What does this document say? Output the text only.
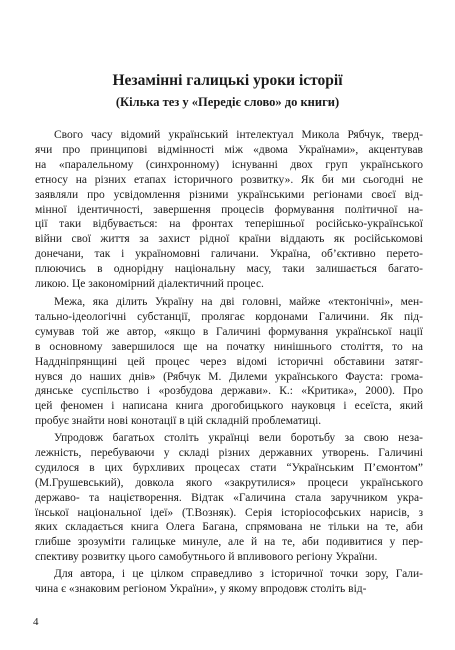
Незамінні галицькі уроки історії
(Кілька тез у «Передіє слово» до книги)

Свого часу відомий український інтелектуал Микола Рябчук, тверд-
ячи про принципові відмінності між «двома Українами», акцентував
на «паралельному (синхронному) існуванні двох груп українського
етносу на різних етапах історичного розвитку». Як би ми сьогодні не
заявляли про усвідомлення різними українськими регіонами своєї від-
мінної ідентичності, завершення процесів формування політичної на-
ції таки відбувається: на фронтах теперішньої російсько-української
війни свої життя за захист рідної країни віддають як російськомові
донечани, так і україномовні галичани. Україна, об’єктивно перето-
плюючись в однорідну національну масу, таки залишається багато-
ликою. Це закономірний діалектичний процес.

Межа, яка ділить Україну на дві головні, майже «тектонічні», мен-
тально-ідеологічні субстанції, пролягає кордонами Галичини. Як під-
сумував той же автор, «якщо в Галичині формування української нації
в основному завершилося ще на початку нинішнього століття, то на
Наддніпрянщині цей процес через відомі історичні обставини затяг-
нувся до наших днів» (Рябчук М. Дилеми українського Фауста: грома-
дянське суспільство і «розбудова держави». К.: «Критика», 2000). Про
цей феномен і написана книга дрогобицького науковця і есеїста, який
пробує знайти нові конотації в цій складній проблематиці.

Упродовж багатьох століть українці вели боротьбу за свою неза-
лежність, перебуваючи у складі різних державних утворень. Галичині
судилося в цих бурхливих процесах стати “Українським П’ємонтом”
(М.Грушевський), довкола якого «закрутилися» процеси українського
державо- та націєтворення. Відтак «Галичина стала заручником укра-
їнської національної ідеї» (Т.Возняк). Серія історіософських нарисів, з
яких складається книга Олега Багана, спрямована не тільки на те, аби
глибше зрозуміти галицьке минуле, але й на те, аби подивитися у пер-
спективу розвитку цього самобутнього й впливового регіону України.

Для автора, і це цілком справедливо з історичної точки зору, Гали-
чина є «знаковим регіоном України», у якому впродовж століть від-

4
